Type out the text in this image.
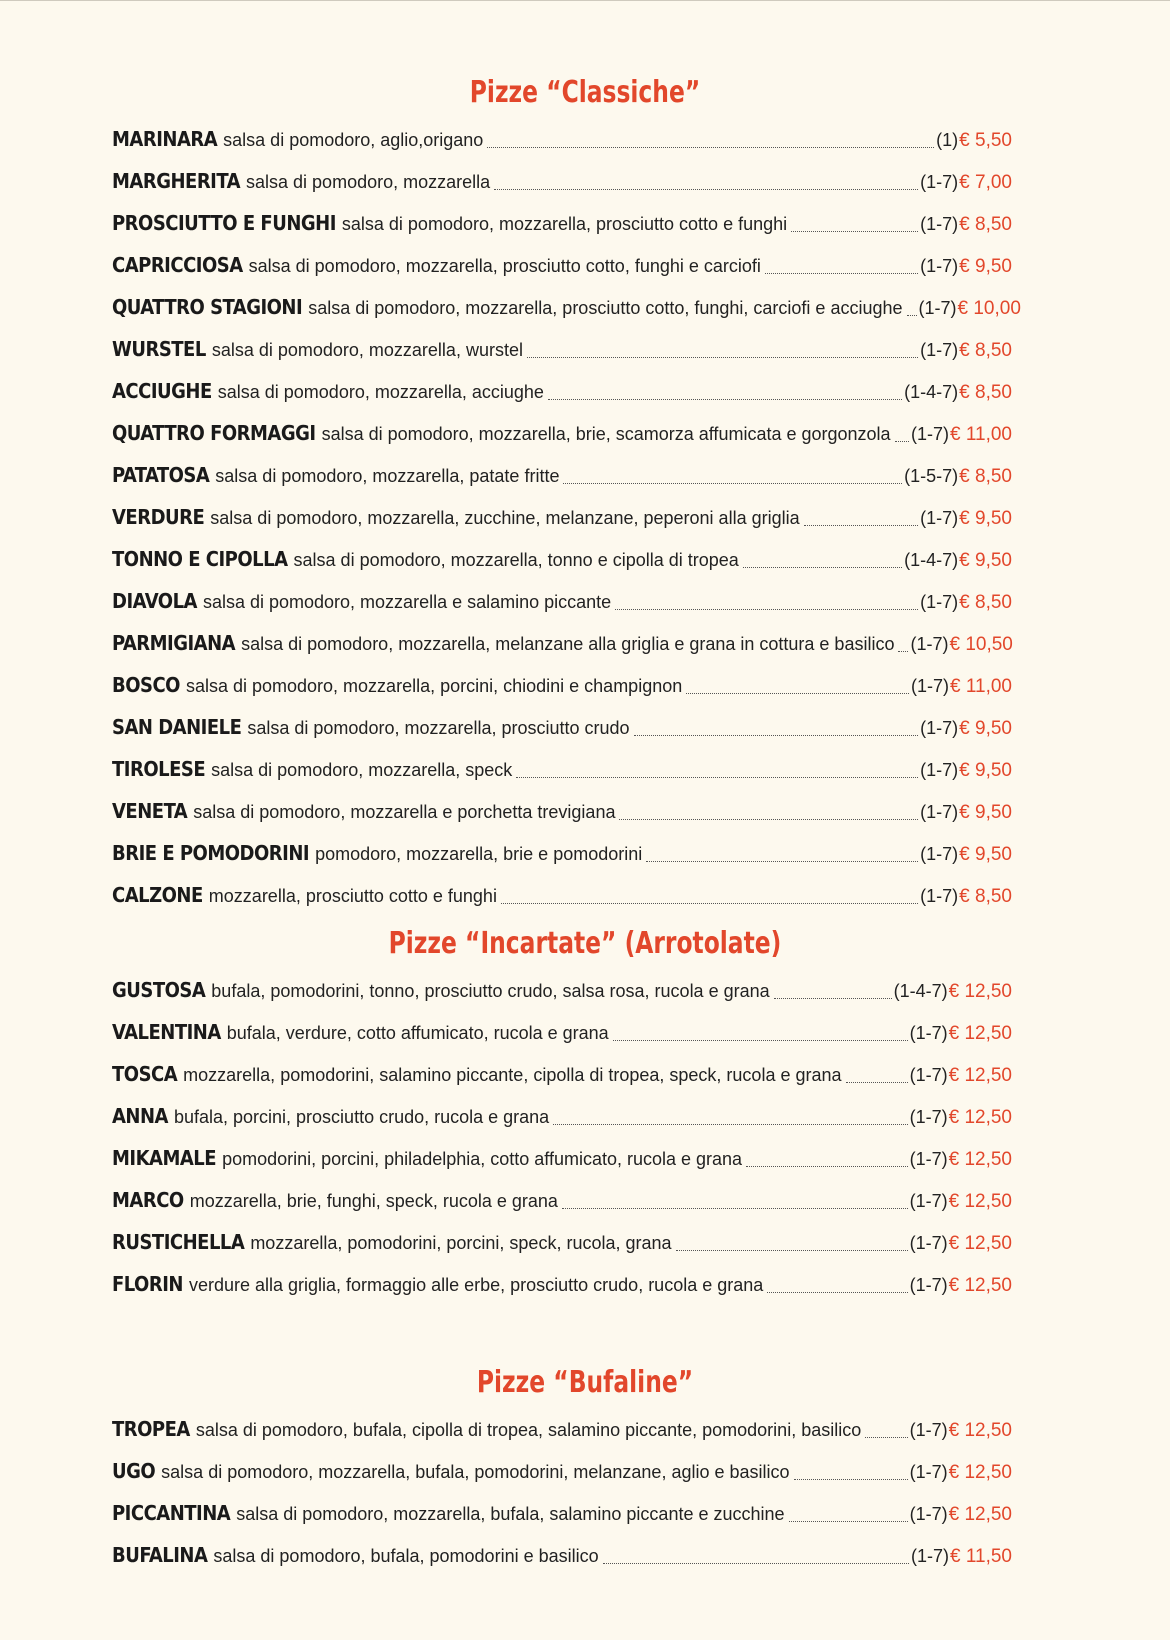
Pizze “Classiche”
MARINARA salsa di pomodoro, aglio,origano	(1) € 5,50
MARGHERITA salsa di pomodoro, mozzarella	(1-7) € 7,00
PROSCIUTTO E FUNGHI salsa di pomodoro, mozzarella, prosciutto cotto e funghi	(1-7) € 8,50
CAPRICCIOSA salsa di pomodoro, mozzarella, prosciutto cotto, funghi e carciofi	(1-7) € 9,50
QUATTRO STAGIONI salsa di pomodoro, mozzarella, prosciutto cotto, funghi, carciofi e acciughe (1-7) € 10,00
WURSTEL salsa di pomodoro, mozzarella, wurstel	(1-7) € 8,50
ACCIUGHE salsa di pomodoro, mozzarella, acciughe	(1-4-7) € 8,50
QUATTRO FORMAGGI salsa di pomodoro, mozzarella, brie, scamorza affumicata e gorgonzola (1-7) € 11,00
PATATOSA salsa di pomodoro, mozzarella, patate fritte	(1-5-7) € 8,50
VERDURE salsa di pomodoro, mozzarella, zucchine, melanzane, peperoni alla griglia	(1-7) € 9,50
TONNO E CIPOLLA salsa di pomodoro, mozzarella, tonno e cipolla di tropea	(1-4-7) € 9,50
DIAVOLA salsa di pomodoro, mozzarella e salamino piccante	(1-7) € 8,50
PARMIGIANA salsa di pomodoro, mozzarella, melanzane alla griglia e grana in cottura e basilico (1-7) € 10,50
BOSCO salsa di pomodoro, mozzarella, porcini, chiodini e champignon	(1-7) € 11,00
SAN DANIELE salsa di pomodoro, mozzarella, prosciutto crudo	(1-7) € 9,50
TIROLESE salsa di pomodoro, mozzarella, speck	(1-7) € 9,50
VENETA salsa di pomodoro, mozzarella e porchetta trevigiana	(1-7) € 9,50
BRIE E POMODORINI pomodoro, mozzarella, brie e pomodorini	(1-7) € 9,50
CALZONE mozzarella, prosciutto cotto e funghi	(1-7) € 8,50
Pizze “Incartate” (Arrotolate)
GUSTOSA bufala, pomodorini, tonno, prosciutto crudo, salsa rosa, rucola e grana	(1-4-7) € 12,50
VALENTINA bufala, verdure, cotto affumicato, rucola e grana	(1-7) € 12,50
TOSCA mozzarella, pomodorini, salamino piccante, cipolla di tropea, speck, rucola e grana	(1-7) € 12,50
ANNA bufala, porcini, prosciutto crudo, rucola e grana	(1-7) € 12,50
MIKAMALE pomodorini, porcini, philadelphia, cotto affumicato, rucola e grana	(1-7) € 12,50
MARCO mozzarella, brie, funghi, speck, rucola e grana	(1-7) € 12,50
RUSTICHELLA mozzarella, pomodorini, porcini, speck, rucola, grana	(1-7) € 12,50
FLORIN verdure alla griglia, formaggio alle erbe, prosciutto crudo, rucola e grana	(1-7) € 12,50
Pizze “Bufaline”
TROPEA salsa di pomodoro, bufala, cipolla di tropea, salamino piccante, pomodorini, basilico	(1-7) € 12,50
UGO salsa di pomodoro, mozzarella, bufala, pomodorini, melanzane, aglio e basilico	(1-7) € 12,50
PICCANTINA salsa di pomodoro, mozzarella, bufala, salamino piccante e zucchine	(1-7) € 12,50
BUFALINA salsa di pomodoro, bufala, pomodorini e basilico	(1-7) € 11,50
